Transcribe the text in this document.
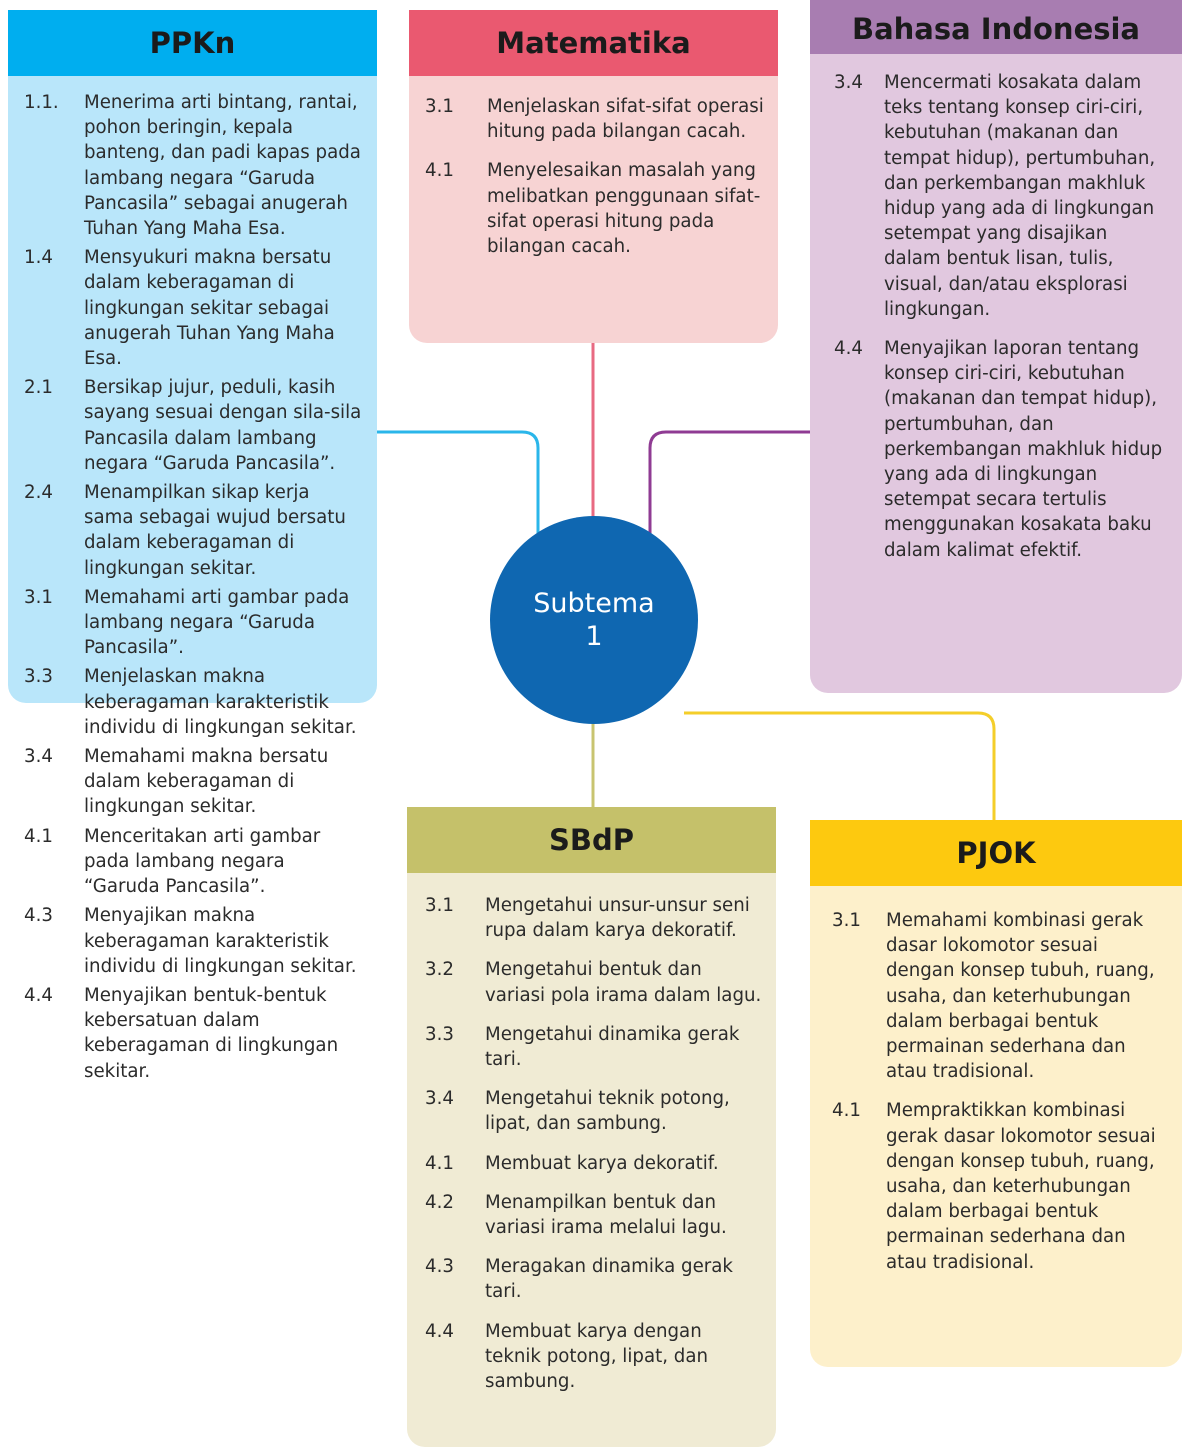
PPKn
1.1.	Menerima arti bintang, rantai, pohon beringin, kepala banteng, dan padi kapas pada lambang negara “Garuda Pancasila” sebagai anugerah Tuhan Yang Maha Esa.
1.4	Mensyukuri makna bersatu dalam keberagaman di lingkungan sekitar sebagai anugerah Tuhan Yang Maha Esa.
2.1	Bersikap jujur, peduli, kasih sayang sesuai dengan sila-sila Pancasila dalam lambang negara “Garuda Pancasila”.
2.4	Menampilkan sikap kerja sama sebagai wujud bersatu dalam keberagaman di lingkungan sekitar.
3.1	Memahami arti gambar pada lambang negara “Garuda Pancasila”.
3.3	Menjelaskan makna keberagaman karakteristik individu di lingkungan sekitar.
3.4	Memahami makna bersatu dalam keberagaman di lingkungan sekitar.
4.1	Menceritakan arti gambar pada lambang negara “Garuda Pancasila”.
4.3	Menyajikan makna keberagaman karakteristik individu di lingkungan sekitar.
4.4	Menyajikan bentuk-bentuk kebersatuan dalam keberagaman di lingkungan sekitar.
Matematika
3.1	Menjelaskan sifat-sifat operasi hitung pada bilangan cacah.
4.1	Menyelesaikan masalah yang melibatkan penggunaan sifat-sifat operasi hitung pada bilangan cacah.
Bahasa Indonesia
3.4	Mencermati kosakata dalam teks tentang konsep ciri-ciri, kebutuhan (makanan dan tempat hidup), pertumbuhan, dan perkembangan makhluk hidup yang ada di lingkungan setempat yang disajikan dalam bentuk lisan, tulis, visual, dan/atau eksplorasi lingkungan.
4.4	Menyajikan laporan tentang konsep ciri-ciri, kebutuhan (makanan dan tempat hidup), pertumbuhan, dan perkembangan makhluk hidup yang ada di lingkungan setempat secara tertulis menggunakan kosakata baku dalam kalimat efektif.
SBdP
3.1	Mengetahui unsur-unsur seni rupa dalam karya dekoratif.
3.2	Mengetahui bentuk dan variasi pola irama dalam lagu.
3.3	Mengetahui dinamika gerak tari.
3.4	Mengetahui teknik potong, lipat, dan sambung.
4.1	Membuat karya dekoratif.
4.2	Menampilkan bentuk dan variasi irama melalui lagu.
4.3	Meragakan dinamika gerak tari.
4.4	Membuat karya dengan teknik potong, lipat, dan sambung.
PJOK
3.1	Memahami kombinasi gerak dasar lokomotor sesuai dengan konsep tubuh, ruang, usaha, dan keterhubungan dalam berbagai bentuk permainan sederhana dan atau tradisional.
4.1	Mempraktikkan kombinasi gerak dasar lokomotor sesuai dengan konsep tubuh, ruang, usaha, dan keterhubungan dalam berbagai bentuk permainan sederhana dan atau tradisional.
Subtema
1
